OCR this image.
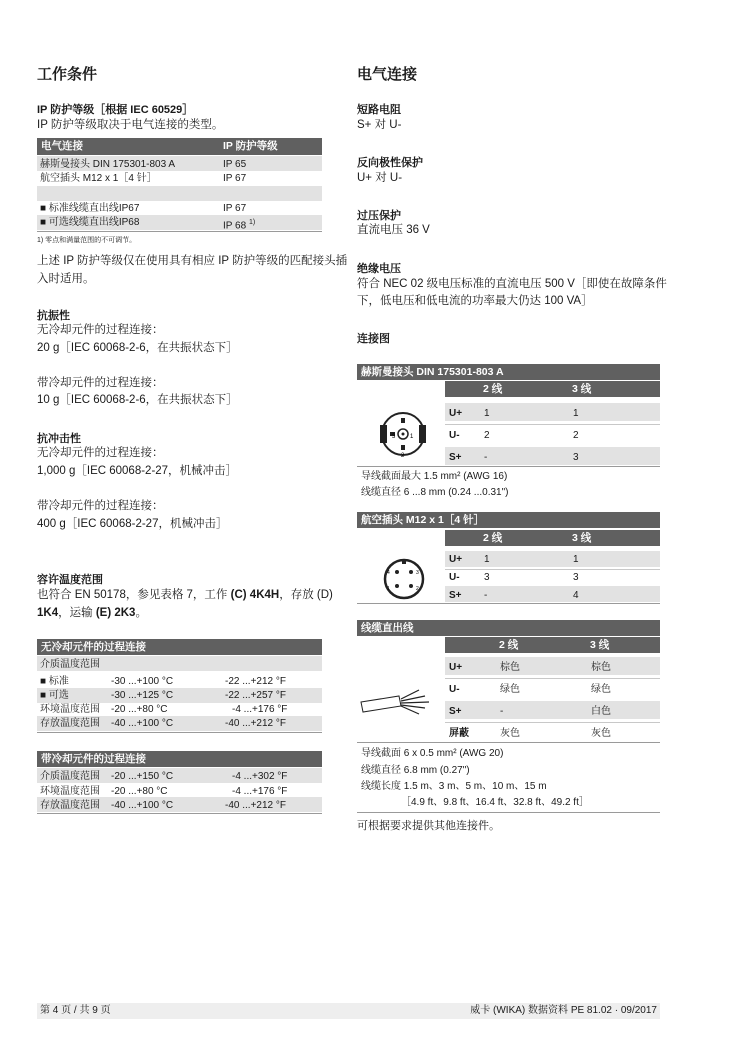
工作条件
IP 防护等级［根据 IEC 60529］
IP 防护等级取决于电气连接的类型。
电气连接	IP 防护等级
赫斯曼接头 DIN 175301-803 A	IP 65
航空插头 M12 x 1［4 针］	IP 67
■ 标准线缆直出线IP67	IP 67
■ 可选线缆直出线IP68	IP 68 $^{1)}$
1) 零点和满量范围的不可调节。
上述 IP 防护等级仅在使用具有相应 IP 防护等级的匹配接头插
入时适用。
抗振性
无冷却元件的过程连接：
20 g［IEC 60068-2-6，在共振状态下］
带冷却元件的过程连接：
10 g［IEC 60068-2-6，在共振状态下］
抗冲击性
无冷却元件的过程连接：
1,000 g［IEC 60068-2-27，机械冲击］
带冷却元件的过程连接：
400 g［IEC 60068-2-27，机械冲击］
容许温度范围
也符合 EN 50178，参见表格 7，工作 (C) 4K4H，存放 (D)
1K4，运输 (E) 2K3。
无冷却元件的过程连接
介质温度范围
■ 标准	-30 ...+100 °C	-22 ...+212 °F
■ 可选	-30 ...+125 °C	-22 ...+257 °F
环境温度范围 -20 ...+80 °C	-4 ...+176 °F
存放温度范围 -40 ...+100 °C	-40 ...+212 °F
带冷却元件的过程连接
介质温度范围 -20 ...+150 °C	-4 ...+302 °F
环境温度范围 -20 ...+80 °C	-4 ...+176 °F
存放温度范围 -40 ...+100 °C	-40 ...+212 °F
电气连接
短路电阻
S+ 对 U-
反向极性保护
U+ 对 U-
过压保护
直流电压 36 V
绝缘电压
符合 NEC 02 级电压标准的直流电压 500 V［即使在故障条件
下，低电压和低电流的功率最大仍达 100 VA］
连接图
赫斯曼接头 DIN 175301-803 A
2 线	3 线
U+ 1	1
U- 2	2
S+ -	3
3 1
2
导线截面最大 1.5 mm² (AWG 16)
线缆直径 6 ...8 mm (0.24 ...0.31")
航空插头 M12 x 1［4 针］
2 线	3 线
U+ 1	1
U- 3	3
S+ -	4
4	3
1	2
线缆直出线
2 线	3 线
U+	棕色	棕色
U-	绿色	绿色
S+	-	白色
屏蔽	灰色	灰色
导线截面 6 x 0.5 mm² (AWG 20)
线缆直径 6.8 mm (0.27")
线缆长度 1.5 m、3 m、5 m、10 m、15 m
［4.9 ft、9.8 ft、16.4 ft、32.8 ft、49.2 ft］
可根据要求提供其他连接件。
第 4 页 / 共 9 页	威卡 (WIKA) 数据资料 PE 81.02 · 09/2017
